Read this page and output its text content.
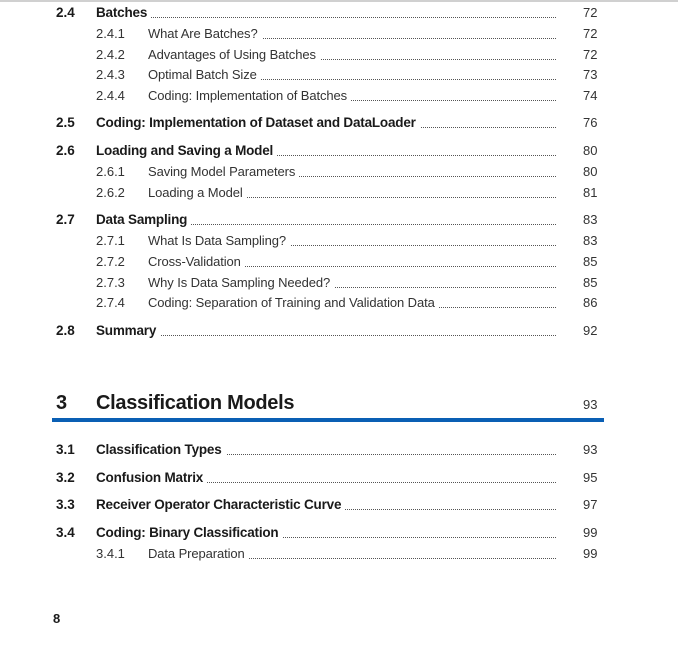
2.4 Batches	72
2.4.1 What Are Batches?	72
2.4.2 Advantages of Using Batches	72
2.4.3 Optimal Batch Size	73
2.4.4 Coding: Implementation of Batches	74
2.5 Coding: Implementation of Dataset and DataLoader	76
2.6 Loading and Saving a Model	80
2.6.1 Saving Model Parameters	80
2.6.2 Loading a Model	81
2.7 Data Sampling	83
2.7.1 What Is Data Sampling?	83
2.7.2 Cross-Validation	85
2.7.3 Why Is Data Sampling Needed?	85
2.7.4 Coding: Separation of Training and Validation Data	86
2.8 Summary	92
3 Classification Models	93
3.1 Classification Types	93
3.2 Confusion Matrix	95
3.3 Receiver Operator Characteristic Curve	97
3.4 Coding: Binary Classification	99
3.4.1 Data Preparation	99
8
